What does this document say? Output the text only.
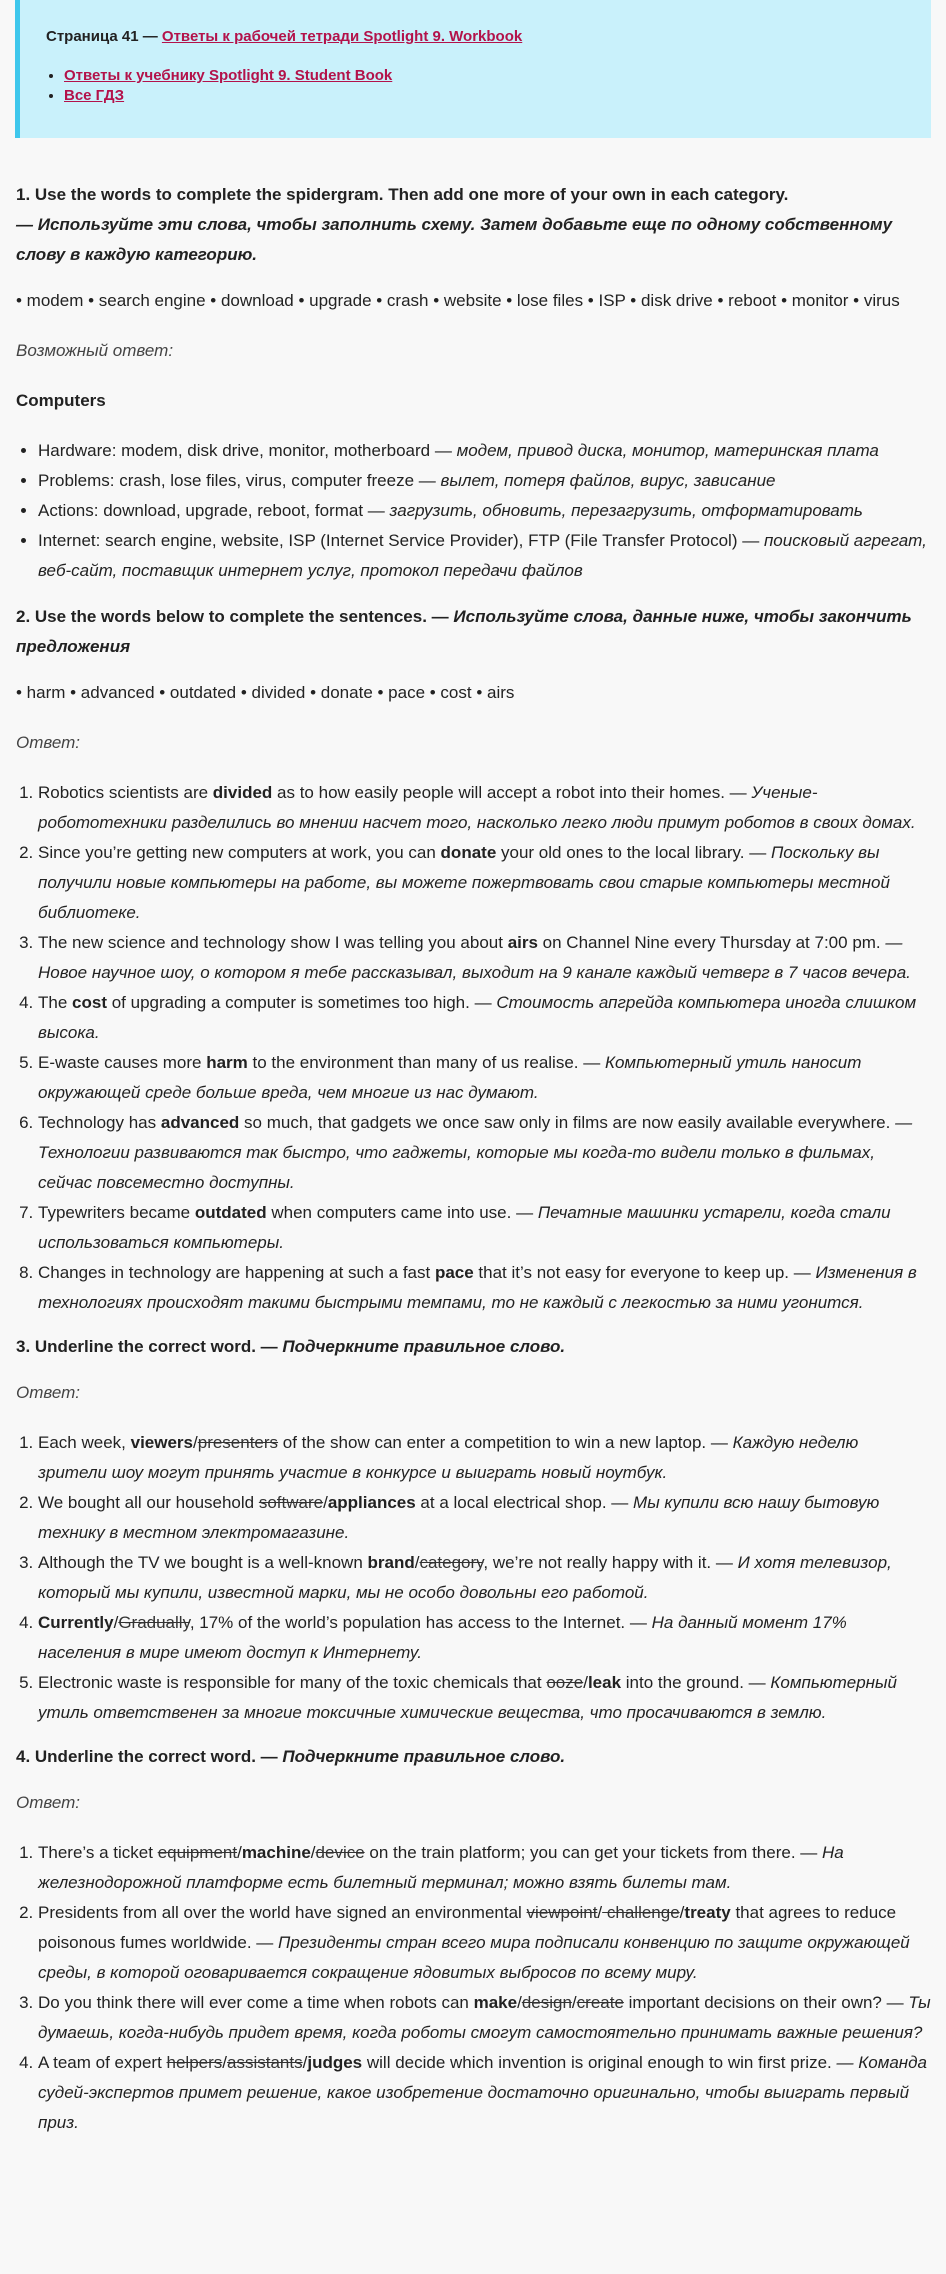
Страница 41 — Ответы к рабочей тетради Spotlight 9. Workbook
• Ответы к учебнику Spotlight 9. Student Book
• Все ГДЗ
1. Use the words to complete the spidergram. Then add one more of your own in each category.
— Используйте эти слова, чтобы заполнить схему. Затем добавьте еще по одному собственному слову в каждую категорию.

• modem • search engine • download • upgrade • crash • website • lose files • ISP • disk drive • reboot • monitor • virus

Возможный ответ:

Computers
• Hardware: modem, disk drive, monitor, motherboard — модем, привод диска, монитор, материнская плата
• Problems: crash, lose files, virus, computer freeze — вылет, потеря файлов, вирус, зависание
• Actions: download, upgrade, reboot, format — загрузить, обновить, перезагрузить, отформатировать
• Internet: search engine, website, ISP (Internet Service Provider), FTP (File Transfer Protocol) — поисковый агрегат, веб-сайт, поставщик интернет услуг, протокол передачи файлов
2. Use the words below to complete the sentences. — Используйте слова, данные ниже, чтобы закончить предложения

• harm • advanced • outdated • divided • donate • pace • cost • airs

Ответ:

1. Robotics scientists are divided as to how easily people will accept a robot into their homes. — Ученые-робототехники разделились во мнении насчет того, насколько легко люди примут роботов в своих домах.
2. Since you’re getting new computers at work, you can donate your old ones to the local library. — Поскольку вы получили новые компьютеры на работе, вы можете пожертвовать свои старые компьютеры местной библиотеке.
3. The new science and technology show I was telling you about airs on Channel Nine every Thursday at 7:00 pm. — Новое научное шоу, о котором я тебе рассказывал, выходит на 9 канале каждый четверг в 7 часов вечера.
4. The cost of upgrading a computer is sometimes too high. — Стоимость апгрейда компьютера иногда слишком высока.
5. E-waste causes more harm to the environment than many of us realise. — Компьютерный утиль наносит окружающей среде больше вреда, чем многие из нас думают.
6. Technology has advanced so much, that gadgets we once saw only in films are now easily available everywhere. — Технологии развиваются так быстро, что гаджеты, которые мы когда-то видели только в фильмах, сейчас повсеместно доступны.
7. Typewriters became outdated when computers came into use. — Печатные машинки устарели, когда стали использоваться компьютеры.
8. Changes in technology are happening at such a fast pace that it’s not easy for everyone to keep up. — Изменения в технологиях происходят такими быстрыми темпами, то не каждый с легкостью за ними угонится.
3. Underline the correct word. — Подчеркните правильное слово.

Ответ:

1. Each week, viewers/presenters of the show can enter a competition to win a new laptop. — Каждую неделю зрители шоу могут принять участие в конкурсе и выиграть новый ноутбук.
2. We bought all our household software/appliances at a local electrical shop. — Мы купили всю нашу бытовую технику в местном электромагазине.
3. Although the TV we bought is a well-known brand/category, we’re not really happy with it. — И хотя телевизор, который мы купили, известной марки, мы не особо довольны его работой.
4. Currently/Gradually, 17% of the world’s population has access to the Internet. — На данный момент 17% населения в мире имеют доступ к Интернету.
5. Electronic waste is responsible for many of the toxic chemicals that ooze/leak into the ground. — Компьютерный утиль ответственен за многие токсичные химические вещества, что просачиваются в землю.
4. Underline the correct word. — Подчеркните правильное слово.

Ответ:

1. There’s a ticket equipment/machine/device on the train platform; you can get your tickets from there. — На железнодорожной платформе есть билетный терминал; можно взять билеты там.
2. Presidents from all over the world have signed an environmental viewpoint/ challenge/treaty that agrees to reduce poisonous fumes worldwide. — Президенты стран всего мира подписали конвенцию по защите окружающей среды, в которой оговаривается сокращение ядовитых выбросов по всему миру.
3. Do you think there will ever come a time when robots can make/design/create important decisions on their own? — Ты думаешь, когда-нибудь придет время, когда роботы смогут самостоятельно принимать важные решения?
4. A team of expert helpers/assistants/judges will decide which invention is original enough to win first prize. — Команда судей-экспертов примет решение, какое изобретение достаточно оригинально, чтобы выиграть первый приз.
